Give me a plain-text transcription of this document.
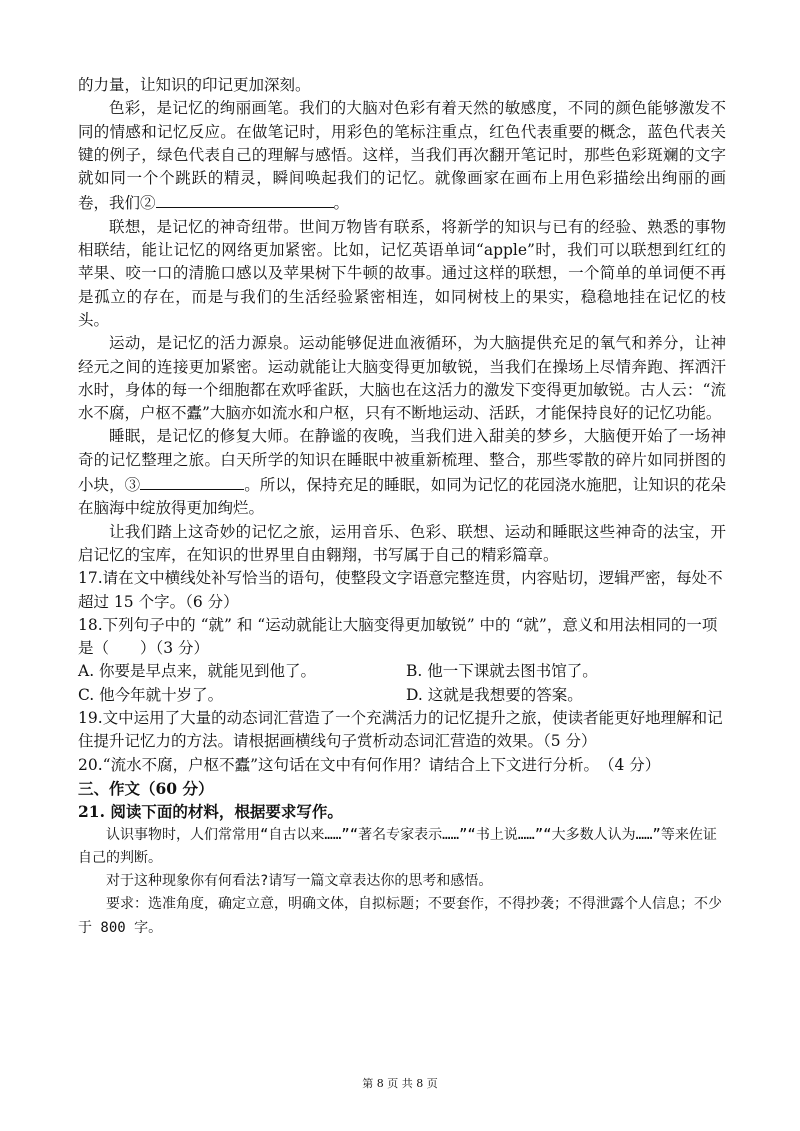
的力量，让知识的印记更加深刻。

色彩，是记忆的绚丽画笔。我们的大脑对色彩有着天然的敏感度，不同的颜色能够激发不同的情感和记忆反应。在做笔记时，用彩色的笔标注重点，红色代表重要的概念，蓝色代表关键的例子，绿色代表自己的理解与感悟。这样，当我们再次翻开笔记时，那些色彩斑斓的文字就如同一个个跳跃的精灵，瞬间唤起我们的记忆。就像画家在画布上用色彩描绘出绚丽的画卷，我们②	。

联想，是记忆的神奇纽带。世间万物皆有联系，将新学的知识与已有的经验、熟悉的事物相联结，能让记忆的网络更加紧密。比如，记忆英语单词“apple”时，我们可以联想到红红的苹果、咬一口的清脆口感以及苹果树下牛顿的故事。通过这样的联想，一个简单的单词便不再是孤立的存在，而是与我们的生活经验紧密相连，如同树枝上的果实，稳稳地挂在记忆的枝头。

运动，是记忆的活力源泉。运动能够促进血液循环，为大脑提供充足的氧气和养分，让神经元之间的连接更加紧密。运动就能让大脑变得更加敏锐，当我们在操场上尽情奔跑、挥洒汗水时，身体的每一个细胞都在欢呼雀跃，大脑也在这活力的激发下变得更加敏锐。古人云：“流水不腐，户枢不蠹”大脑亦如流水和户枢，只有不断地运动、活跃，才能保持良好的记忆功能。

睡眠，是记忆的修复大师。在静谧的夜晚，当我们进入甜美的梦乡，大脑便开始了一场神奇的记忆整理之旅。白天所学的知识在睡眠中被重新梳理、整合，那些零散的碎片如同拼图的小块，③	。所以，保持充足的睡眠，如同为记忆的花园浇水施肥，让知识的花朵在脑海中绽放得更加绚烂。

让我们踏上这奇妙的记忆之旅，运用音乐、色彩、联想、运动和睡眠这些神奇的法宝，开启记忆的宝库，在知识的世界里自由翱翔，书写属于自己的精彩篇章。

17.请在文中横线处补写恰当的语句，使整段文字语意完整连贯，内容贴切，逻辑严密，每处不超过 15 个字。（6 分）

18.下列句子中的 “就” 和 “运动就能让大脑变得更加敏锐” 中的 “就”，意义和用法相同的一项是（　　）（3 分）

A. 你要是早点来，就能见到他了。	B. 他一下课就去图书馆了。
C. 他今年就十岁了。	D. 这就是我想要的答案。

19.文中运用了大量的动态词汇营造了一个充满活力的记忆提升之旅，使读者能更好地理解和记住提升记忆力的方法。请根据画横线句子赏析动态词汇营造的效果。（5 分）

20.“流水不腐，户枢不蠹”这句话在文中有何作用？请结合上下文进行分析。　（4 分）

三、作文（60 分）

21. 阅读下面的材料，根据要求写作。

认识事物时，人们常常用“自古以来……”“著名专家表示……”“书上说……”“大多数人认为……”等来佐证自己的判断。

对于这种现象你有何看法?请写一篇文章表达你的思考和感悟。

要求：选准角度，确定立意，明确文体，自拟标题；不要套作，不得抄袭；不得泄露个人信息；不少于 800 字。

第 8 页 共 8 页
